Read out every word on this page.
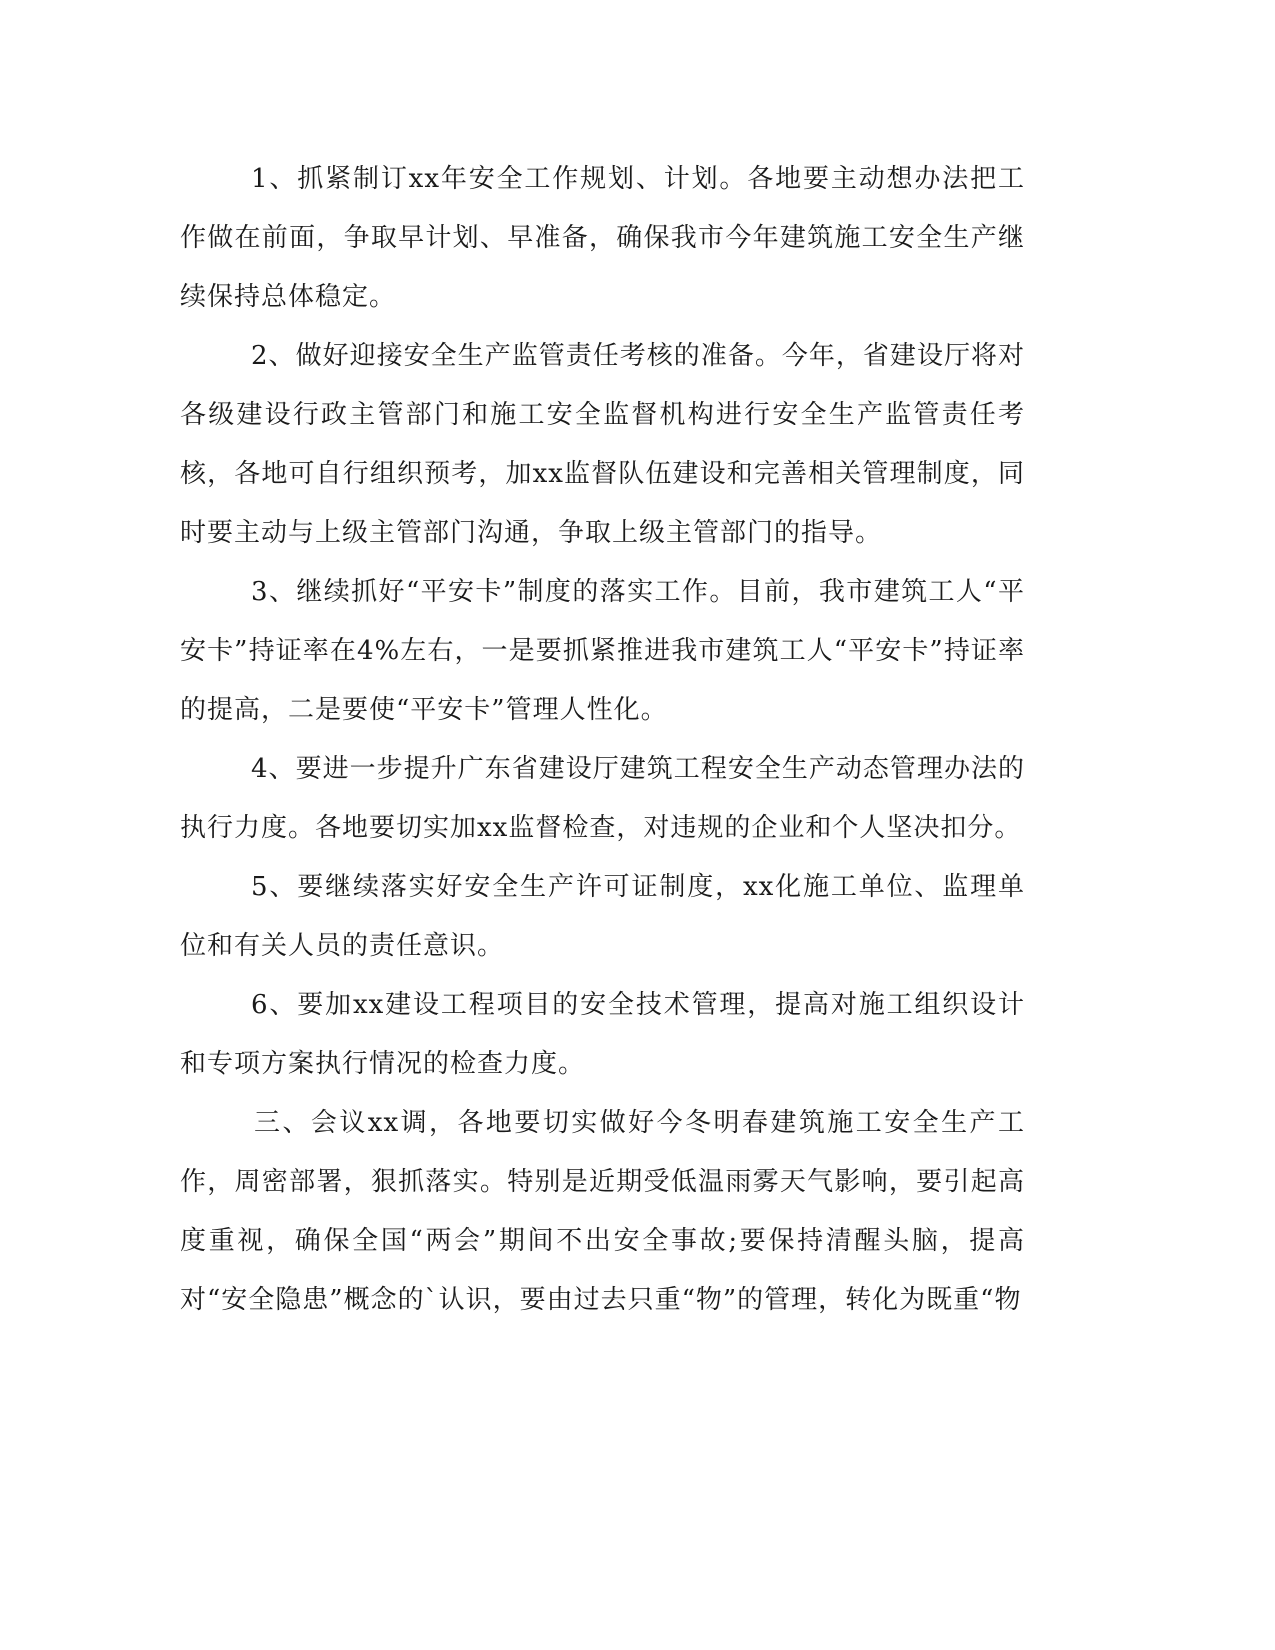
1、抓紧制订xx年安全工作规划、计划。各地要主动想办法把工作做在前面，争取早计划、早准备，确保我市今年建筑施工安全生产继续保持总体稳定。

2、做好迎接安全生产监管责任考核的准备。今年，省建设厅将对各级建设行政主管部门和施工安全监督机构进行安全生产监管责任考核，各地可自行组织预考，加xx监督队伍建设和完善相关管理制度，同时要主动与上级主管部门沟通，争取上级主管部门的指导。

3、继续抓好“平安卡”制度的落实工作。目前，我市建筑工人“平安卡”持证率在4%左右，一是要抓紧推进我市建筑工人“平安卡”持证率的提高，二是要使“平安卡”管理人性化。

4、要进一步提升广东省建设厅建筑工程安全生产动态管理办法的执行力度。各地要切实加xx监督检查，对违规的企业和个人坚决扣分。

5、要继续落实好安全生产许可证制度，xx化施工单位、监理单位和有关人员的责任意识。

6、要加xx建设工程项目的安全技术管理，提高对施工组织设计和专项方案执行情况的检查力度。

三、会议xx调，各地要切实做好今冬明春建筑施工安全生产工作，周密部署，狠抓落实。特别是近期受低温雨雾天气影响，要引起高度重视，确保全国“两会”期间不出安全事故;要保持清醒头脑，提高对“安全隐患”概念的`认识，要由过去只重“物”的管理，转化为既重“物
